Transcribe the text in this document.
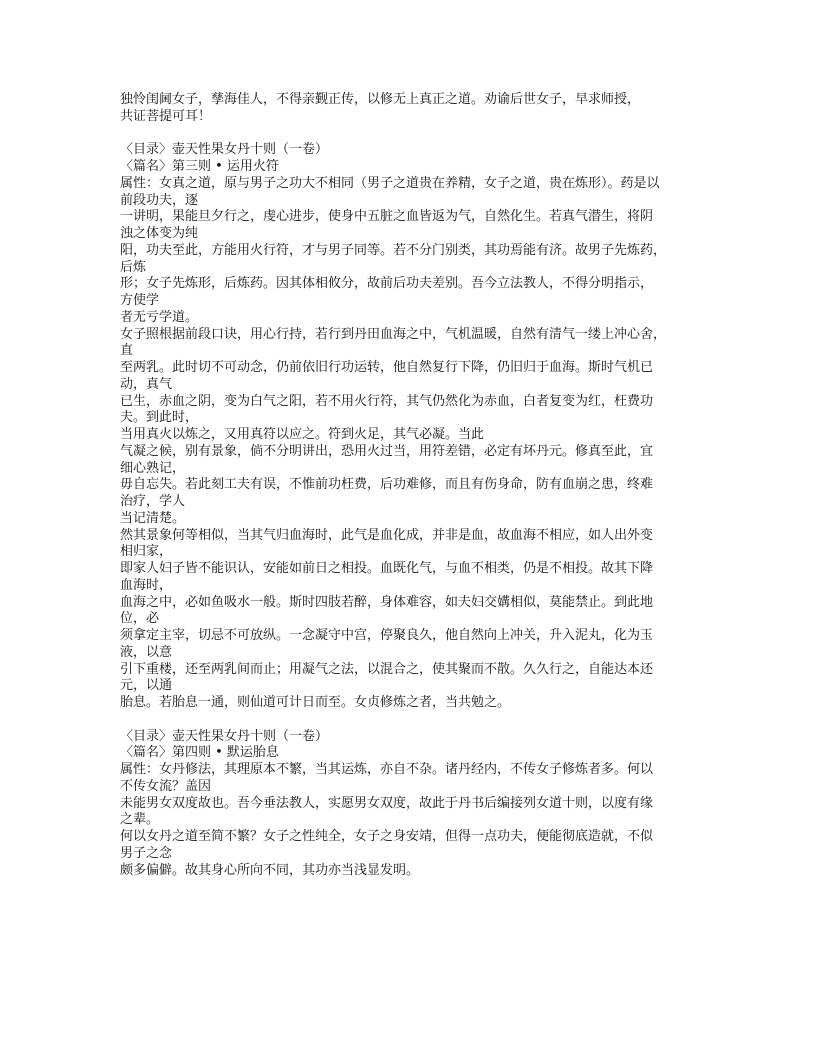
独怜闺阃女子，孳海佳人，不得亲觐正传，以修无上真正之道。劝谕后世女子，早求师授，
共证菩提可耳！
〈目录〉壶天性果女丹十则（一卷）
〈篇名〉第三则 • 运用火符
属性：女真之道，原与男子之功大不相同（男子之道贵在养精，女子之道，贵在炼形）。药是以
前段功夫，逐
一讲明，果能旦夕行之，虔心进步，使身中五脏之血皆返为气，自然化生。若真气潜生，将阴
浊之体变为纯
阳，功夫至此，方能用火行符，才与男子同等。若不分门别类，其功焉能有济。故男子先炼药，
后炼
形；女子先炼形，后炼药。因其体相攸分，故前后功夫差别。吾今立法教人，不得分明指示，
方使学
者无亏学道。
女子照根据前段口诀，用心行持，若行到丹田血海之中，气机温暖，自然有清气一缕上冲心舍，
直
至两乳。此时切不可动念，仍前依旧行功运转，他自然复行下降，仍旧归于血海。斯时气机已
动，真气
已生，赤血之阴，变为白气之阳，若不用火行符，其气仍然化为赤血，白者复变为红，枉费功
夫。到此时，
当用真火以炼之，又用真符以应之。符到火足，其气必凝。当此
气凝之候，别有景象，倘不分明讲出，恐用火过当，用符差错，必定有坏丹元。修真至此，宜
细心熟记，
毋自忘失。若此刻工夫有误，不惟前功枉费，后功难修，而且有伤身命，防有血崩之患，终难
治疗，学人
当记清楚。
然其景象何等相似，当其气归血海时，此气是血化成，并非是血，故血海不相应，如人出外变
相归家，
即家人妇子皆不能识认，安能如前日之相投。血既化气，与血不相类，仍是不相投。故其下降
血海时，
血海之中，必如鱼吸水一般。斯时四肢若醉，身体难容，如夫妇交媾相似，莫能禁止。到此地
位，必
须拿定主宰，切忌不可放纵。一念凝守中宫，停聚良久，他自然向上冲关，升入泥丸，化为玉
液，以意
引下重楼，还至两乳间而止；用凝气之法，以混合之，使其聚而不散。久久行之，自能达本还
元，以通
胎息。若胎息一通，则仙道可计日而至。女贞修炼之者，当共勉之。
〈目录〉壶天性果女丹十则（一卷）
〈篇名〉第四则 • 默运胎息
属性：女丹修法，其理原本不繁，当其运炼，亦自不杂。诸丹经内，不传女子修炼者多。何以
不传女流？盖因
未能男女双度故也。吾今垂法教人，实愿男女双度，故此于丹书后编接列女道十则，以度有缘
之辈。
何以女丹之道至简不繁？女子之性纯全，女子之身安靖，但得一点功夫，便能彻底造就，不似
男子之念
颇多偏僻。故其身心所向不同，其功亦当浅显发明。
